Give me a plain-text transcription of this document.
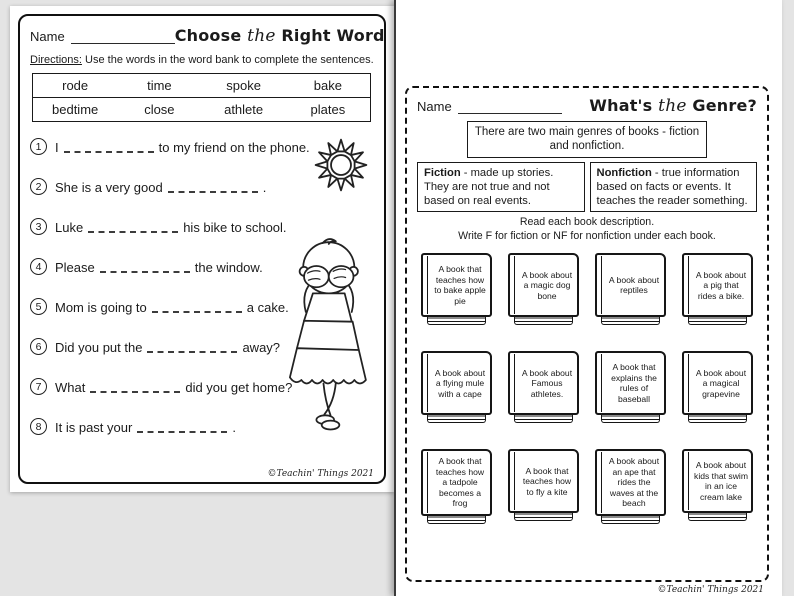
Name	Choose the Right Word
Directions: Use the words in the word bank to complete the sentences.
rode	time	spoke	bake
bedtime	close	athlete	plates
1	I	to my friend on the phone.
2	She is a very good	.
3	Luke	his bike to school.
4	Please	the window.
5	Mom is going to	a cake.
6	Did you put the	away?
7	What	did you get home?
8	It is past your	.
©Teachin' Things 2021
Name	What's the Genre?
There are two main genres of books - fiction and nonfiction.
Fiction - made up stories. They are not true and not based on real events.
Nonfiction - true information based on facts or events. It teaches the reader something.
Read each book description.
Write F for fiction or NF for nonfiction under each book.
A book that teaches how to bake apple pie
A book about a magic dog bone
A book about reptiles
A book about a pig that rides a bike.
A book about a flying mule with a cape
A book about Famous athletes.
A book that explains the rules of baseball
A book about a magical grapevine
A book that teaches how a tadpole becomes a frog
A book that teaches how to fly a kite
A book about an ape that rides the waves at the beach
A book about kids that swim in an ice cream lake
©Teachin' Things 2021
